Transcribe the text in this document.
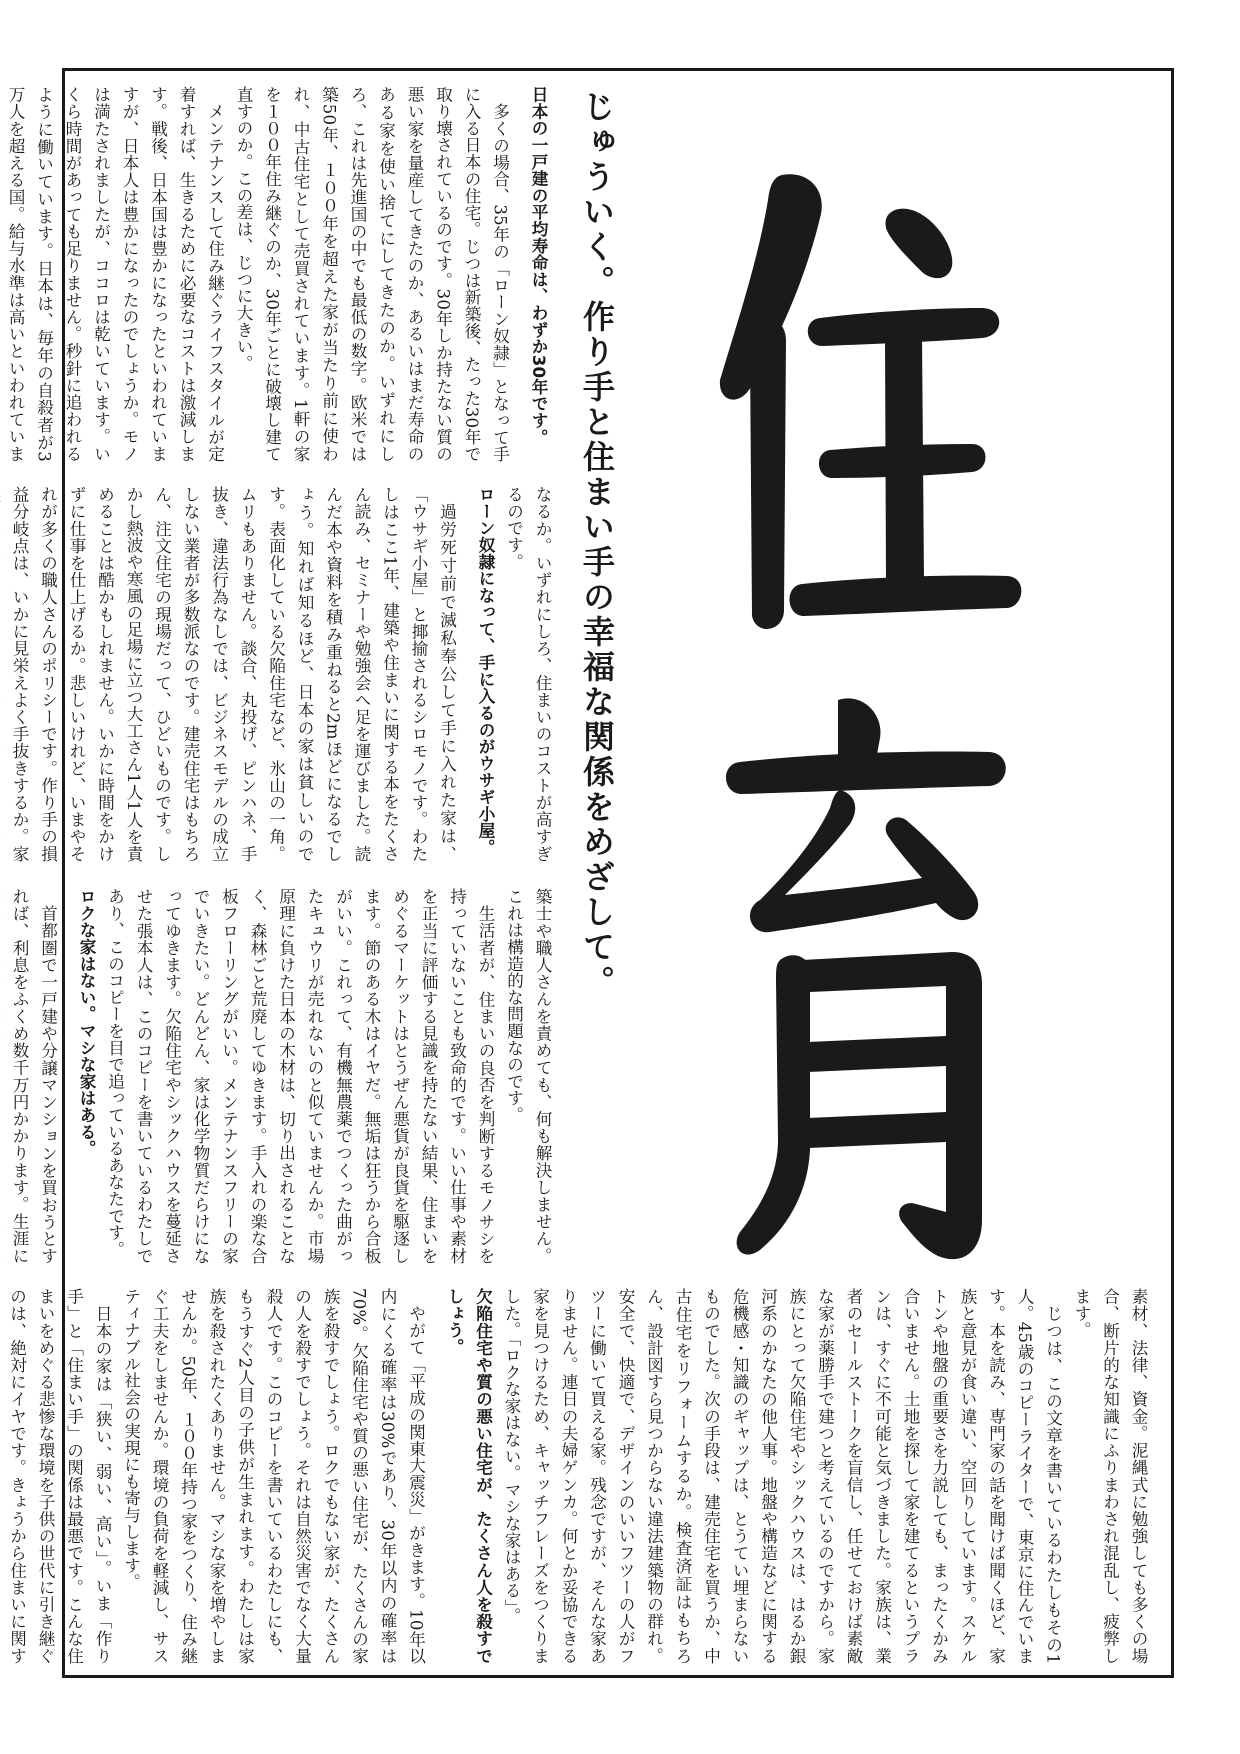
じゅういく。作り手と住まい手の幸福な関係をめざして。
日本の一戸建の平均寿命は、わずか30年です。

多くの場合、35年の「ローン奴隷」となって手に入る日本の住宅。じつは新築後、たった30年で取り壊されているのです。30年しか持たない質の悪い家を量産してきたのか、あるいはまだ寿命のある家を使い捨てにしてきたのか。いずれにしろ、これは先進国の中でも最低の数字。欧米では築50年、１００年を超えた家が当たり前に使われ、中古住宅として売買されています。1軒の家を１００年住み継ぐのか、30年ごとに破壊し建て直すのか。この差は、じつに大きい。

メンテナンスして住み継ぐライフスタイルが定着すれば、生きるために必要なコストは激減します。戦後、日本国は豊かになったといわれていますが、日本人は豊かになったのでしょうか。モノは満たされましたが、ココロは乾いています。いくら時間があっても足りません。秒針に追われるように働いています。日本は、毎年の自殺者が3万人を超える国。給与水準は高いといわれていま

なるか。いずれにしろ、住まいのコストが高すぎるのです。

ローン奴隷になって、手に入るのがウサギ小屋。

過労死寸前で滅私奉公して手に入れた家は、「ウサギ小屋」と揶揄されるシロモノです。わたしはここ1年、建築や住まいに関する本をたくさん読み、セミナーや勉強会へ足を運びました。読んだ本や資料を積み重ねると2mほどになるでしょう。知れば知るほど、日本の家は貧しいのです。表面化している欠陥住宅など、氷山の一角。ムリもありません。談合、丸投げ、ピンハネ、手抜き、違法行為なしでは、ビジネスモデルの成立しない業者が多数派なのです。建売住宅はもちろん、注文住宅の現場だって、ひどいものです。しかし熱波や寒風の足場に立つ大工さん1人1人を責めることは酷かもしれません。いかに時間をかけずに仕事を仕上げるか。悲しいけれど、いまやそれが多くの職人さんのポリシーです。作り手の損益分岐点は、いかに見栄えよく手抜きするか。家

築士や職人さんを責めても、何も解決しません。これは構造的な問題なのです。

生活者が、住まいの良否を判断するモノサシを持っていないことも致命的です。いい仕事や素材を正当に評価する見識を持たない結果、住まいをめぐるマーケットはとうぜん悪貨が良貨を駆逐します。節のある木はイヤだ。無垢は狂うから合板がいい。これって、有機無農薬でつくった曲がったキュウリが売れないのと似ていませんか。市場原理に負けた日本の木材は、切り出されることなく、森林ごと荒廃してゆきます。手入れの楽な合板フローリングがいい。メンテナンスフリーの家でいきたい。どんどん、家は化学物質だらけになってゆきます。欠陥住宅やシックハウスを蔓延させた張本人は、このコピーを書いているわたしであり、このコピーを目で追っているあなたです。

ロクな家はない。マシな家はある。

首都圏で一戸建や分譲マンションを買おうとすれば、利息をふくめ数千万円かかります。生涯に

素材、法律、資金。泥縄式に勉強しても多くの場合、断片的な知識にふりまわされ混乱し、疲弊します。

じつは、この文章を書いているわたしもその1人。45歳のコピーライターで、東京に住んでいます。本を読み、専門家の話を聞けば聞くほど、家族と意見が食い違い、空回りしています。スケルトンや地盤の重要さを力説しても、まったくかみ合いません。土地を探して家を建てるというプランは、すぐに不可能と気づきました。家族は、業者のセールストークを盲信し、任せておけば素敵な家が薬勝手で建つと考えているのですから。家族にとって欠陥住宅やシックハウスは、はるか銀河系のかなたの他人事。地盤や構造などに関する危機感・知識のギャップは、とうてい埋まらないものでした。次の手段は、建売住宅を買うか、中古住宅をリフォームするか。検査済証はもちろん、設計図すら見つからない違法建築物の群れ。安全で、快適で、デザインのいいフツーの人がフツーに働いて買える家。残念ですが、そんな家ありません。連日の夫婦ゲンカ。何とか妥協できる家を見つけるため、キャッチフレーズをつくりました。「ロクな家はない。マシな家はある」。

欠陥住宅や質の悪い住宅が、たくさん人を殺すでしょう。

やがて「平成の関東大震災」がきます。10年以内にくる確率は30%であり、30年以内の確率は70%。欠陥住宅や質の悪い住宅が、たくさんの家族を殺すでしょう。ロクでもない家が、たくさんの人を殺すでしょう。それは自然災害でなく大量殺人です。このコピーを書いているわたしにも、もうすぐ2人目の子供が生まれます。わたしは家族を殺されたくありません。マシな家を増やしませんか。50年、１００年持つ家をつくり、住み継ぐ工夫をしませんか。環境の負荷を軽減し、サスティナブル社会の実現にも寄与します。

日本の家は「狭い、弱い、高い」。いま「作り手」と「住まい手」の関係は最悪です。こんな住まいをめぐる悲惨な環境を子供の世代に引き継ぐのは、絶対にイヤです。きょうから住まいに関す
